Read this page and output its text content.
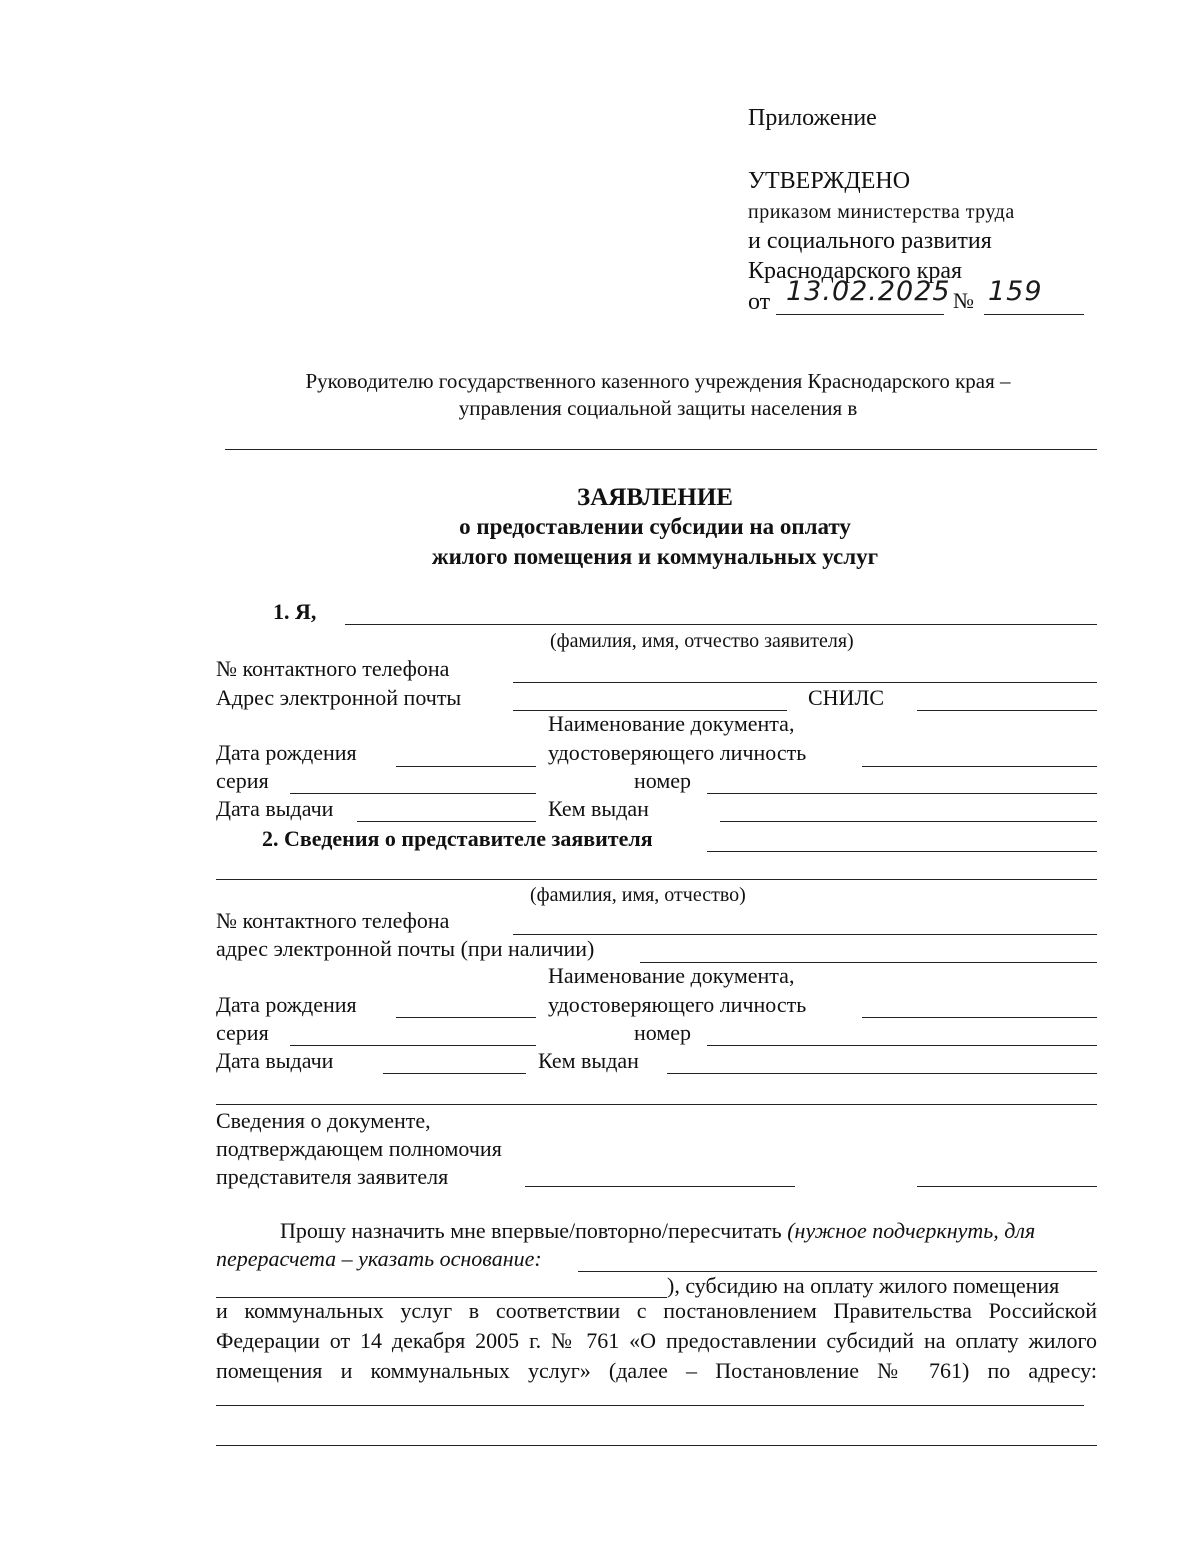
Приложение
УТВЕРЖДЕНО
приказом министерства труда
и социального развития
Краснодарского края
от 13.02.2025 № 159
Руководителю государственного казенного учреждения Краснодарского края –
управления социальной защиты населения в
ЗАЯВЛЕНИЕ
о предоставлении субсидии на оплату
жилого помещения и коммунальных услуг
1. Я,
(фамилия, имя, отчество заявителя)
№ контактного телефона
Адрес электронной почты	СНИЛС
Наименование документа,
Дата рождения	удостоверяющего личность
серия	номер
Дата выдачи	Кем выдан
2. Сведения о представителе заявителя
(фамилия, имя, отчество)
№ контактного телефона
адрес электронной почты (при наличии)
Наименование документа,
Дата рождения	удостоверяющего личность
серия	номер
Дата выдачи	Кем выдан
Сведения о документе,
подтверждающем полномочия
представителя заявителя
Прошу назначить мне впервые/повторно/пересчитать (нужное подчеркнуть, для
перерасчета – указать основание:
), субсидию на оплату жилого помещения
и коммунальных услуг в соответствии с постановлением Правительства Российской
Федерации от 14 декабря 2005 г. № 761 «О предоставлении субсидий на оплату жилого
помещения и коммунальных услуг» (далее – Постановление № 761) по адресу:
